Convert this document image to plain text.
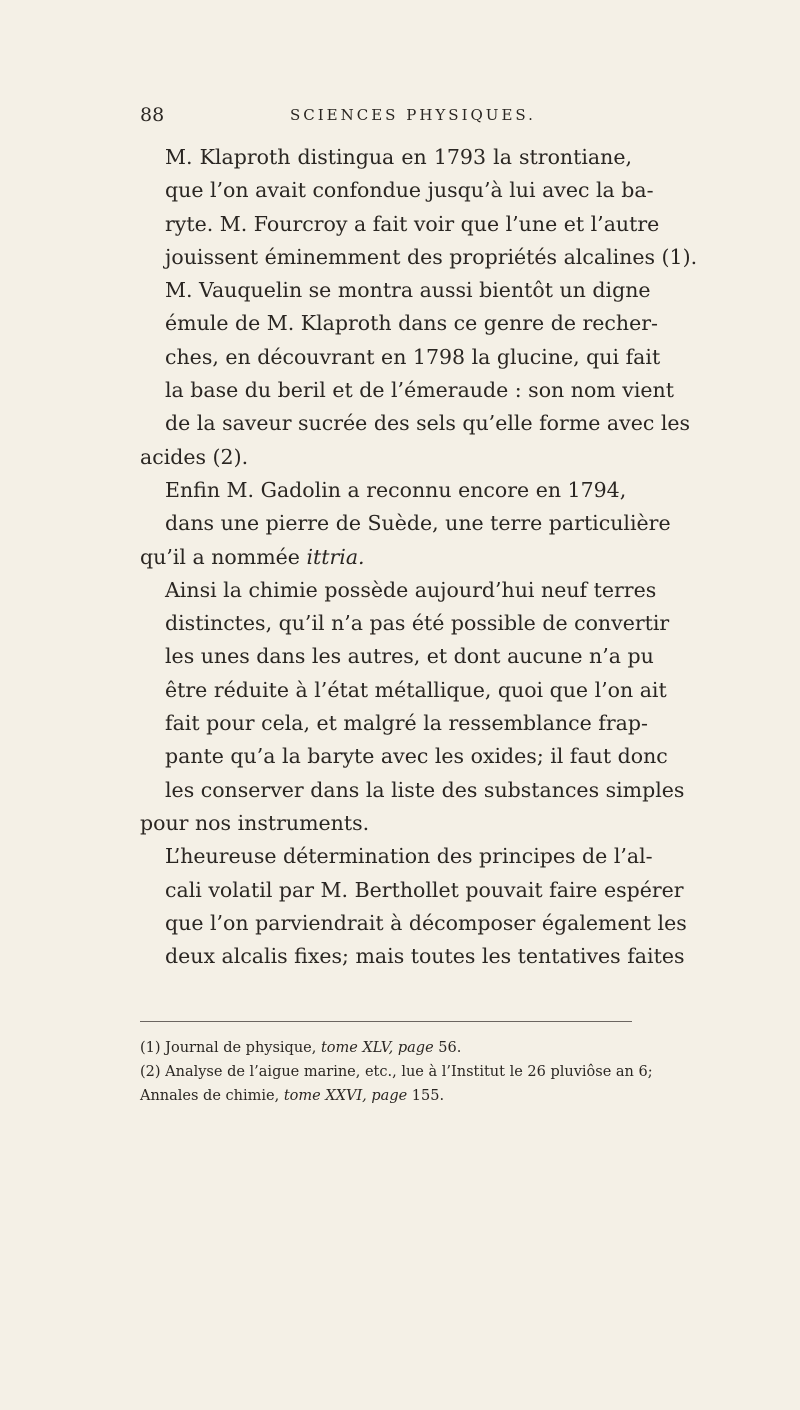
88	SCIENCES PHYSIQUES.

M. Klaproth distingua en 1793 la strontiane,
que l’on avait confondue jusqu’à lui avec la ba-
ryte. M. Fourcroy a fait voir que l’une et l’autre
jouissent éminemment des propriétés alcalines (1).

M. Vauquelin se montra aussi bientôt un digne
émule de M. Klaproth dans ce genre de recher-
ches, en découvrant en 1798 la glucine, qui fait
la base du beril et de l’émeraude : son nom vient
de la saveur sucrée des sels qu’elle forme avec les
acides (2).

Enfin M. Gadolin a reconnu encore en 1794,
dans une pierre de Suède, une terre particulière
qu’il a nommée ittria.

Ainsi la chimie possède aujourd’hui neuf terres
distinctes, qu’il n’a pas été possible de convertir
les unes dans les autres, et dont aucune n’a pu
être réduite à l’état métallique, quoi que l’on ait
fait pour cela, et malgré la ressemblance frap-
pante qu’a la baryte avec les oxides; il faut donc
les conserver dans la liste des substances simples
pour nos instruments.

L’heureuse détermination des principes de l’al-
cali volatil par M. Berthollet pouvait faire espérer
que l’on parviendrait à décomposer également les
deux alcalis fixes; mais toutes les tentatives faites

(1) Journal de physique, tome XLV, page 56.

(2) Analyse de l’aigue marine, etc., lue à l’Institut le 26 pluviôse an 6;
Annales de chimie, tome XXVI, page 155.
